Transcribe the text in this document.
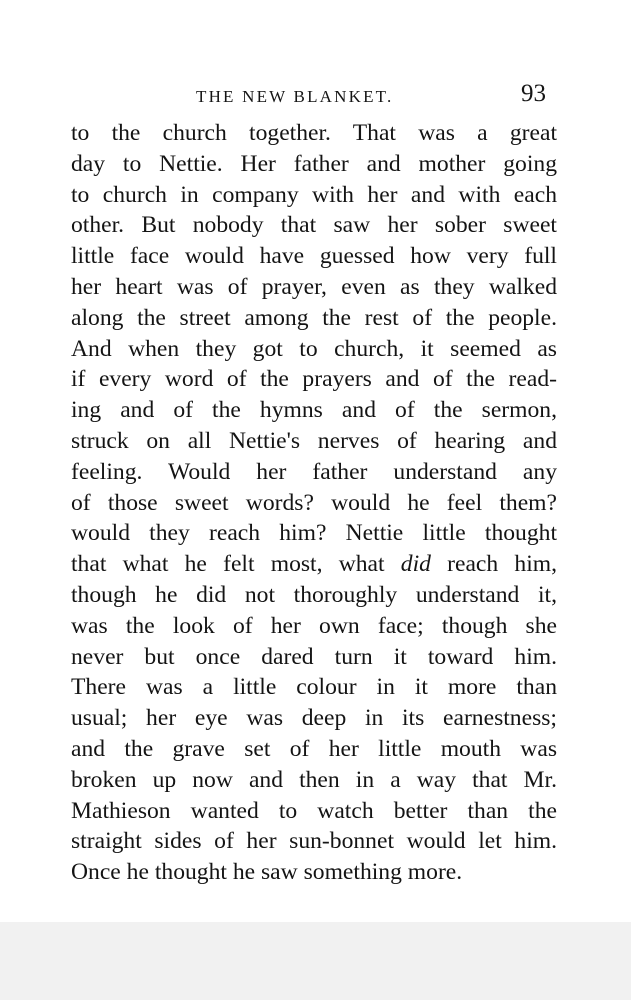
THE NEW BLANKET.	93
to the church together. That was a great
day to Nettie. Her father and mother going
to church in company with her and with each
other. But nobody that saw her sober sweet
little face would have guessed how very full
her heart was of prayer, even as they walked
along the street among the rest of the people.
And when they got to church, it seemed as
if every word of the prayers and of the read-
ing and of the hymns and of the sermon,
struck on all Nettie's nerves of hearing and
feeling. Would her father understand any
of those sweet words? would he feel them?
would they reach him? Nettie little thought
that what he felt most, what did reach him,
though he did not thoroughly understand it,
was the look of her own face; though she
never but once dared turn it toward him.
There was a little colour in it more than
usual; her eye was deep in its earnestness;
and the grave set of her little mouth was
broken up now and then in a way that Mr.
Mathieson wanted to watch better than the
straight sides of her sun-bonnet would let him.
Once he thought he saw something more.
